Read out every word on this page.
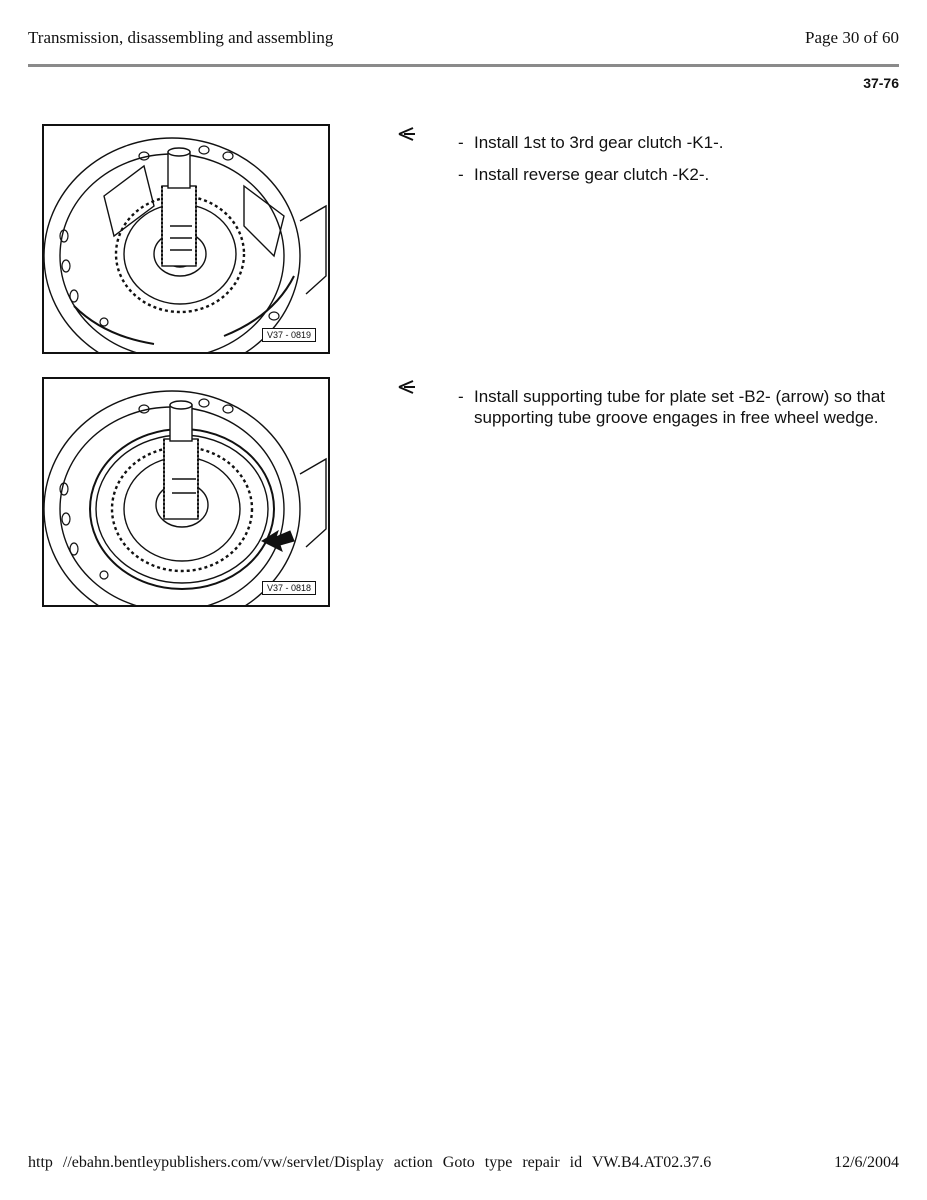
Transmission, disassembling and assembling	Page 30 of 60
37-76
V37 - 0819
- Install 1st to 3rd gear clutch -K1-.
- Install reverse gear clutch -K2-.
V37 - 0818
- Install supporting tube for plate set -B2- (arrow) so that supporting tube groove engages in free wheel wedge.
http //ebahn.bentleypublishers.com/vw/servlet/Display action Goto type repair id VW.B4.AT02.37.6	12/6/2004
